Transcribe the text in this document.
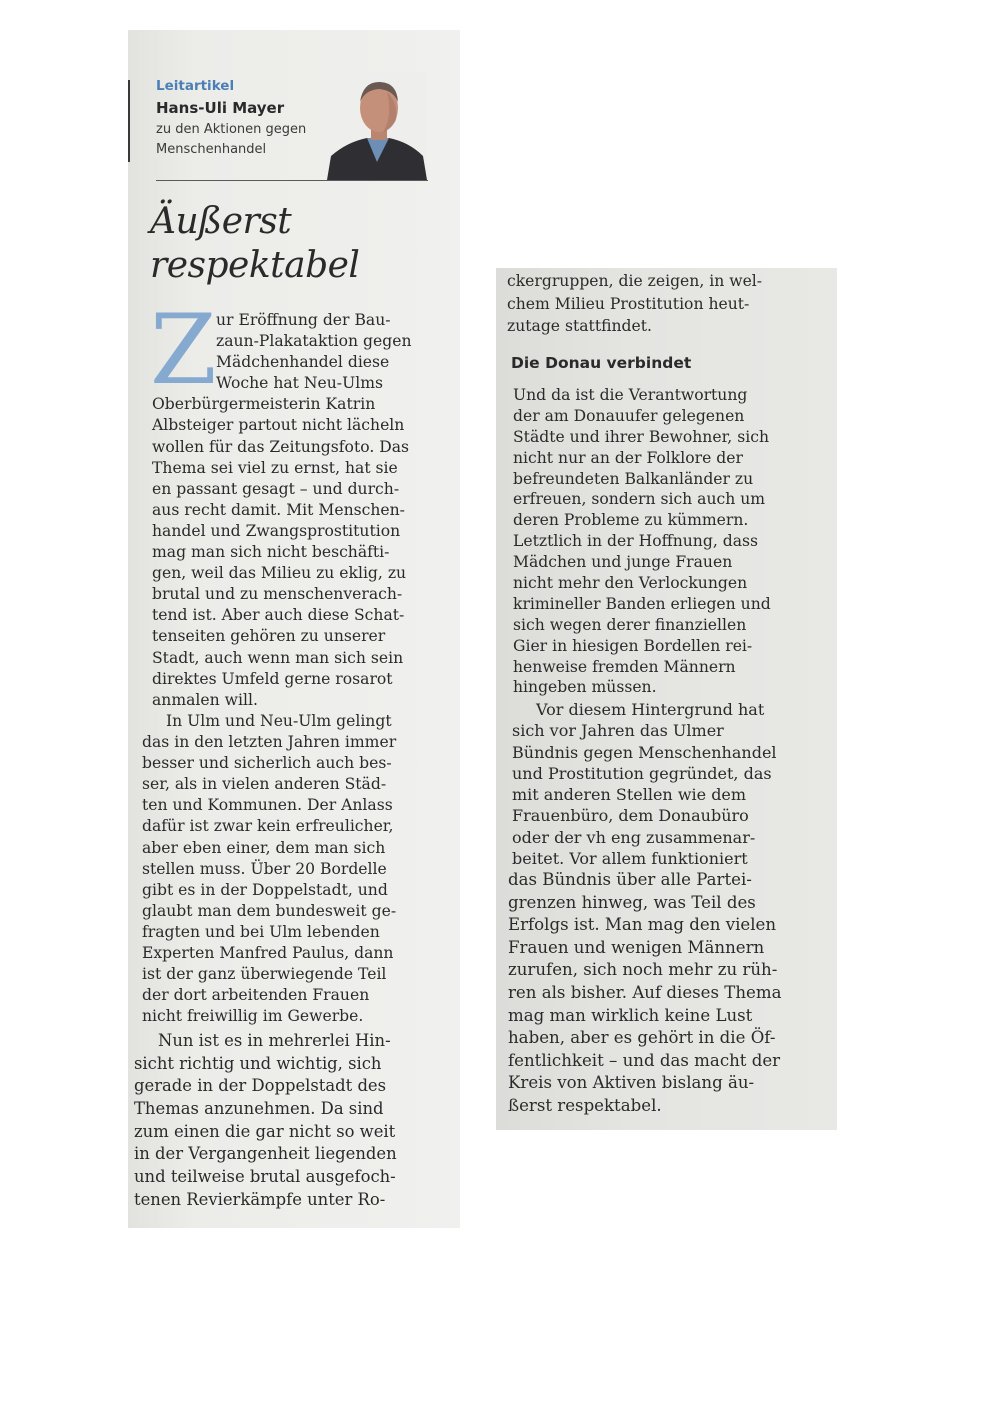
Leitartikel
Hans-Uli Mayer
zu den Aktionen gegen
Menschenhandel
Äußerst
respektabel
Z ur Eröffnung der Bau-
zaun-Plakataktion gegen
Mädchenhandel diese
Woche hat Neu-Ulms
Oberbürgermeisterin Katrin
Albsteiger partout nicht lächeln
wollen für das Zeitungsfoto. Das
Thema sei viel zu ernst, hat sie
en passant gesagt – und durch-
aus recht damit. Mit Menschen-
handel und Zwangsprostitution
mag man sich nicht beschäfti-
gen, weil das Milieu zu eklig, zu
brutal und zu menschenverach-
tend ist. Aber auch diese Schat-
tenseiten gehören zu unserer
Stadt, auch wenn man sich sein
direktes Umfeld gerne rosarot
anmalen will.
In Ulm und Neu-Ulm gelingt
das in den letzten Jahren immer
besser und sicherlich auch bes-
ser, als in vielen anderen Städ-
ten und Kommunen. Der Anlass
dafür ist zwar kein erfreulicher,
aber eben einer, dem man sich
stellen muss. Über 20 Bordelle
gibt es in der Doppelstadt, und
glaubt man dem bundesweit ge-
fragten und bei Ulm lebenden
Experten Manfred Paulus, dann
ist der ganz überwiegende Teil
der dort arbeitenden Frauen
nicht freiwillig im Gewerbe.
Nun ist es in mehrerlei Hin-
sicht richtig und wichtig, sich
gerade in der Doppelstadt des
Themas anzunehmen. Da sind
zum einen die gar nicht so weit
in der Vergangenheit liegenden
und teilweise brutal ausgefoch-
tenen Revierkämpfe unter Ro-
ckergruppen, die zeigen, in wel-
chem Milieu Prostitution heut-
zutage stattfindet.
Die Donau verbindet
Und da ist die Verantwortung
der am Donauufer gelegenen
Städte und ihrer Bewohner, sich
nicht nur an der Folklore der
befreundeten Balkanländer zu
erfreuen, sondern sich auch um
deren Probleme zu kümmern.
Letztlich in der Hoffnung, dass
Mädchen und junge Frauen
nicht mehr den Verlockungen
krimineller Banden erliegen und
sich wegen derer finanziellen
Gier in hiesigen Bordellen rei-
henweise fremden Männern
hingeben müssen.
Vor diesem Hintergrund hat
sich vor Jahren das Ulmer
Bündnis gegen Menschenhandel
und Prostitution gegründet, das
mit anderen Stellen wie dem
Frauenbüro, dem Donaubüro
oder der vh eng zusammenar-
beitet. Vor allem funktioniert
das Bündnis über alle Partei-
grenzen hinweg, was Teil des
Erfolgs ist. Man mag den vielen
Frauen und wenigen Männern
zurufen, sich noch mehr zu rüh-
ren als bisher. Auf dieses Thema
mag man wirklich keine Lust
haben, aber es gehört in die Öf-
fentlichkeit – und das macht der
Kreis von Aktiven bislang äu-
ßerst respektabel.
